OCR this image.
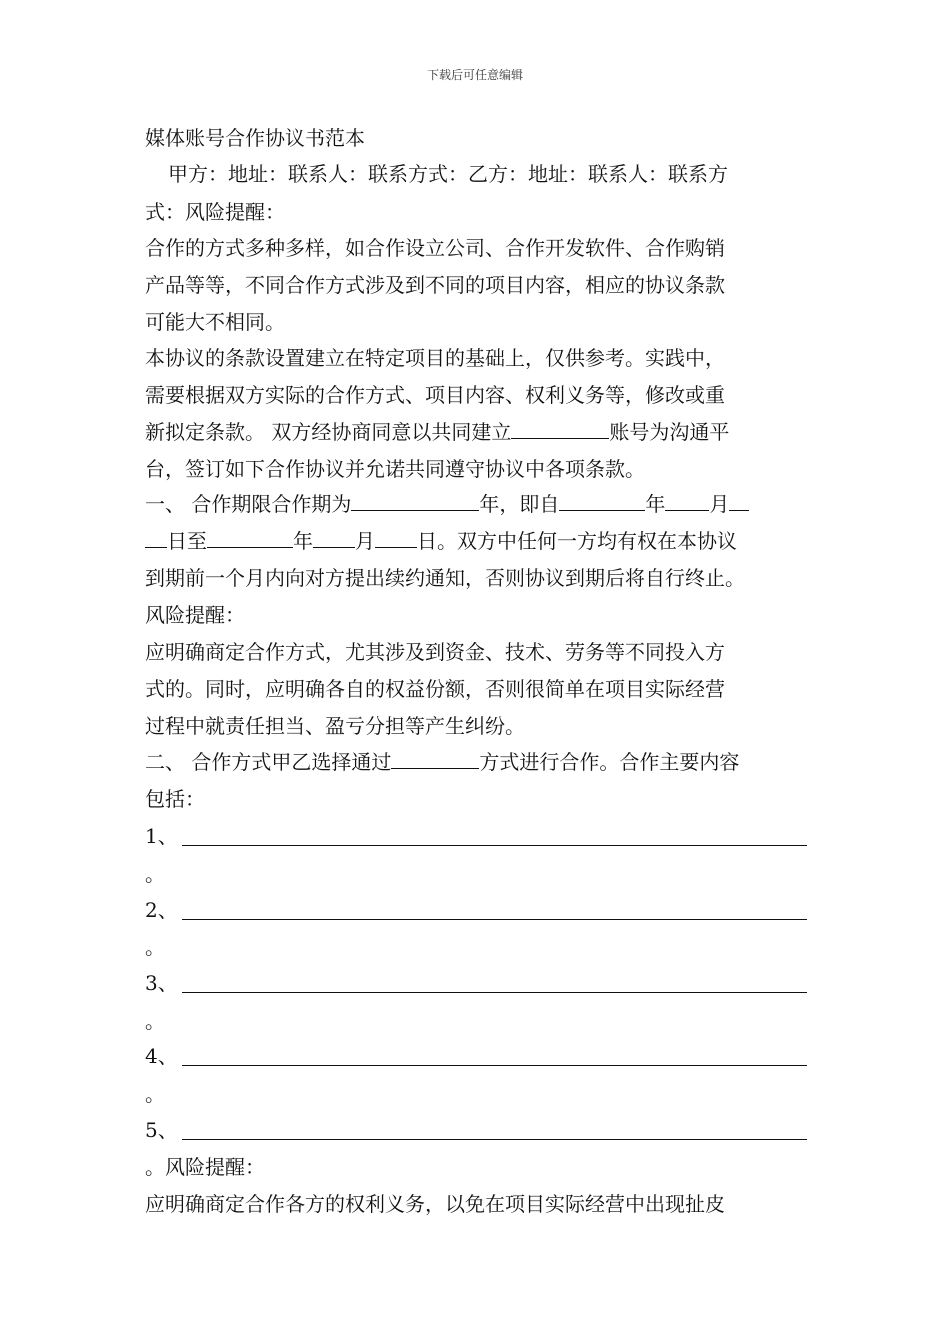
下载后可任意编辑
媒体账号合作协议书范本
甲方：地址：联系人：联系方式：乙方：地址：联系人：联系方
式：风险提醒：
合作的方式多种多样，如合作设立公司、合作开发软件、合作购销
产品等等，不同合作方式涉及到不同的项目内容，相应的协议条款
可能大不相同。
本协议的条款设置建立在特定项目的基础上，仅供参考。实践中，
需要根据双方实际的合作方式、项目内容、权利义务等，修改或重
新拟定条款。 双方经协商同意以共同建立	账号为沟通平
台，签订如下合作协议并允诺共同遵守协议中各项条款。
一、 合作期限合作期为	年，即自	年 月
日至	年 月 日。双方中任何一方均有权在本协议
到期前一个月内向对方提出续约通知，否则协议到期后将自行终止。
风险提醒：
应明确商定合作方式，尤其涉及到资金、技术、劳务等不同投入方
式的。同时，应明确各自的权益份额，否则很简单在项目实际经营
过程中就责任担当、盈亏分担等产生纠纷。
二、 合作方式甲乙选择通过	方式进行合作。合作主要内容
包括：
1、
。
2、
。
3、
。
4、
。
5、
。风险提醒：
应明确商定合作各方的权利义务，以免在项目实际经营中出现扯皮
